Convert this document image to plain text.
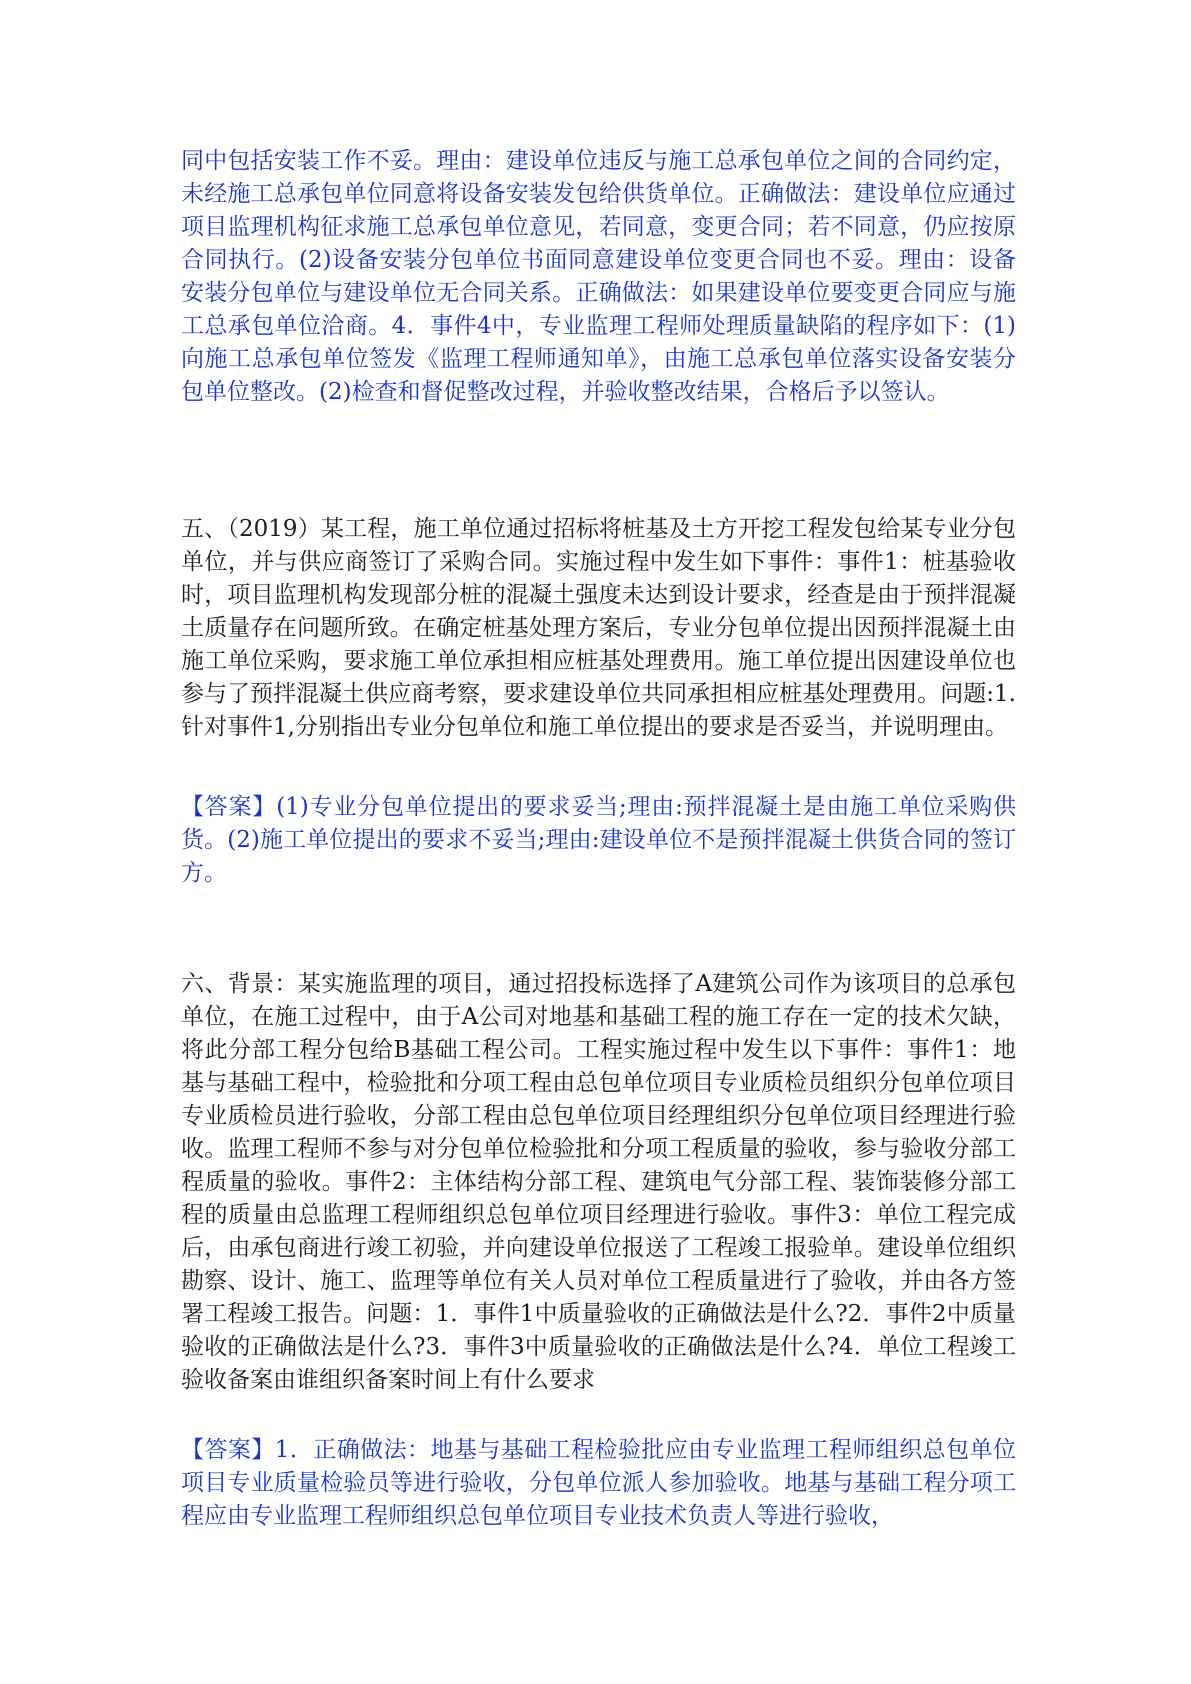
同中包括安装工作不妥。理由：建设单位违反与施工总承包单位之间的合同约定，未经施工总承包单位同意将设备安装发包给供货单位。正确做法：建设单位应通过项目监理机构征求施工总承包单位意见，若同意，变更合同；若不同意，仍应按原合同执行。(2)设备安装分包单位书面同意建设单位变更合同也不妥。理由：设备安装分包单位与建设单位无合同关系。正确做法：如果建设单位要变更合同应与施工总承包单位洽商。4．事件4中，专业监理工程师处理质量缺陷的程序如下：(1)向施工总承包单位签发《监理工程师通知单》，由施工总承包单位落实设备安装分包单位整改。(2)检查和督促整改过程，并验收整改结果，合格后予以签认。

五、（2019）某工程，施工单位通过招标将桩基及土方开挖工程发包给某专业分包单位，并与供应商签订了采购合同。实施过程中发生如下事件：事件1：桩基验收时，项目监理机构发现部分桩的混凝土强度未达到设计要求，经查是由于预拌混凝土质量存在问题所致。在确定桩基处理方案后，专业分包单位提出因预拌混凝土由施工单位采购，要求施工单位承担相应桩基处理费用。施工单位提出因建设单位也参与了预拌混凝土供应商考察，要求建设单位共同承担相应桩基处理费用。问题:1.针对事件1,分别指出专业分包单位和施工单位提出的要求是否妥当，并说明理由。

【答案】(1)专业分包单位提出的要求妥当;理由:预拌混凝土是由施工单位采购供货。(2)施工单位提出的要求不妥当;理由:建设单位不是预拌混凝土供货合同的签订方。

六、背景：某实施监理的项目，通过招投标选择了A建筑公司作为该项目的总承包单位，在施工过程中，由于A公司对地基和基础工程的施工存在一定的技术欠缺，将此分部工程分包给B基础工程公司。工程实施过程中发生以下事件：事件1：地基与基础工程中，检验批和分项工程由总包单位项目专业质检员组织分包单位项目专业质检员进行验收，分部工程由总包单位项目经理组织分包单位项目经理进行验收。监理工程师不参与对分包单位检验批和分项工程质量的验收，参与验收分部工程质量的验收。事件2：主体结构分部工程、建筑电气分部工程、装饰装修分部工程的质量由总监理工程师组织总包单位项目经理进行验收。事件3：单位工程完成后，由承包商进行竣工初验，并向建设单位报送了工程竣工报验单。建设单位组织勘察、设计、施工、监理等单位有关人员对单位工程质量进行了验收，并由各方签署工程竣工报告。问题：1．事件1中质量验收的正确做法是什么?2．事件2中质量验收的正确做法是什么?3．事件3中质量验收的正确做法是什么?4．单位工程竣工验收备案由谁组织备案时间上有什么要求

【答案】1．正确做法：地基与基础工程检验批应由专业监理工程师组织总包单位项目专业质量检验员等进行验收，分包单位派人参加验收。地基与基础工程分项工程应由专业监理工程师组织总包单位项目专业技术负责人等进行验收，
